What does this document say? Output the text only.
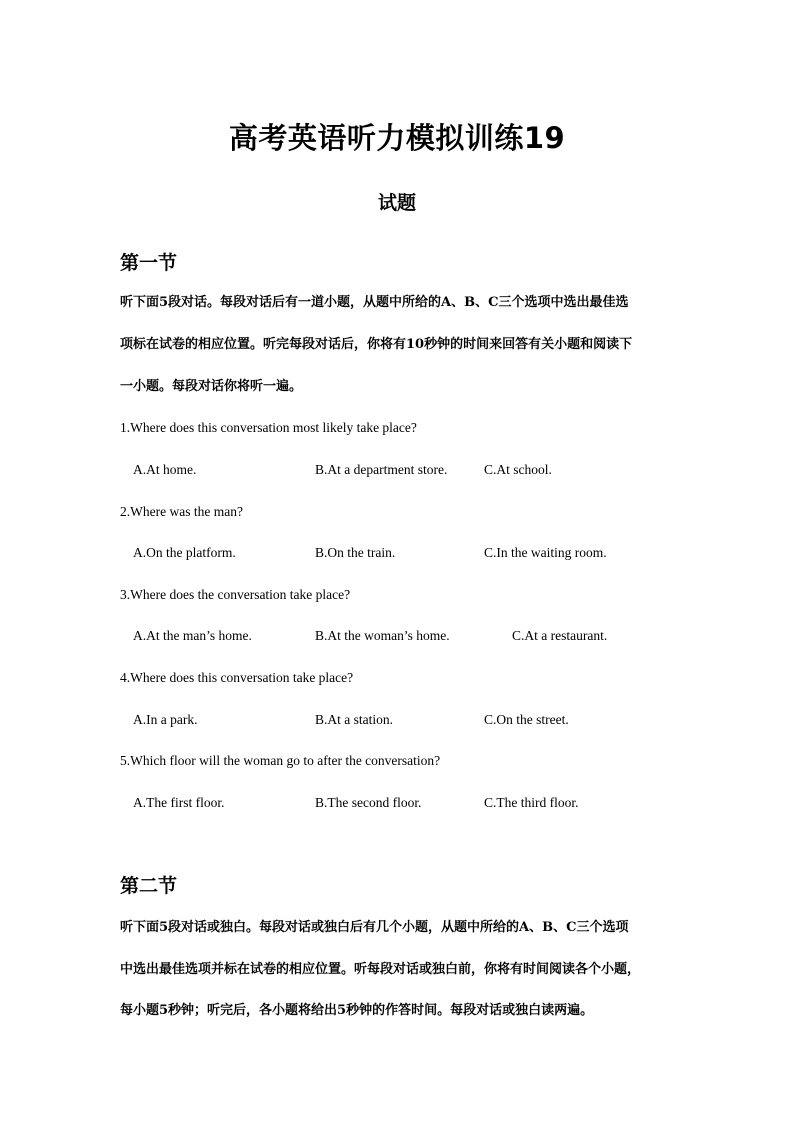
高考英语听力模拟训练19
试题
第一节
听下面5段对话。每段对话后有一道小题，从题中所给的A、B、C三个选项中选出最佳选
项标在试卷的相应位置。听完每段对话后，你将有10秒钟的时间来回答有关小题和阅读下
一小题。每段对话你将听一遍。
1.Where does this conversation most likely take place?
A.At home.	B.At a department store.	C.At school.
2.Where was the man?
A.On the platform.	B.On the train.	C.In the waiting room.
3.Where does the conversation take place?
A.At the man’s home.	B.At the woman’s home.	C.At a restaurant.
4.Where does this conversation take place?
A.In a park.	B.At a station.	C.On the street.
5.Which floor will the woman go to after the conversation?
A.The first floor.	B.The second floor.	C.The third floor.
第二节
听下面5段对话或独白。每段对话或独白后有几个小题，从题中所给的A、B、C三个选项
中选出最佳选项并标在试卷的相应位置。听每段对话或独白前，你将有时间阅读各个小题，
每小题5秒钟；听完后，各小题将给出5秒钟的作答时间。每段对话或独白读两遍。
